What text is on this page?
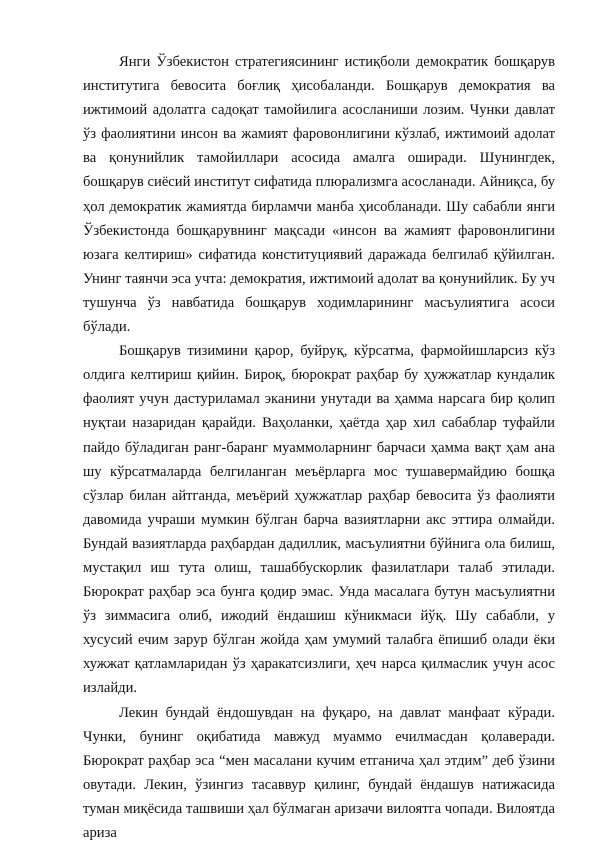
Янги Ўзбекистон стратегиясининг истиқболи демократик бошқарув институтига бевосита боғлиқ ҳисобаланди. Бошқарув демократия ва ижтимоий адолатга садоқат тамойилига асосланиши лозим. Чунки давлат ўз фаолиятини инсон ва жамият фаровонлигини кўзлаб, ижтимоий адолат ва қонунийлик тамойиллари асосида амалга оширади. Шунингдек, бошқарув сиёсий институт сифатида плюрализмга асосланади. Айниқса, бу ҳол демократик жамиятда бирламчи манба ҳисобланади. Шу сабабли янги Ўзбекистонда бошқарувнинг мақсади «инсон ва жамият фаровонлигини юзага келтириш» сифатида конституциявий даражада белгилаб қўйилган. Унинг таянчи эса учта: демократия, ижтимоий адолат ва қонунийлик. Бу уч тушунча ўз навбатида бошқарув ходимларининг масъулиятига асоси бўлади.

Бошқарув тизимини қарор, буйруқ, кўрсатма, фармойишларсиз кўз олдига келтириш қийин. Бироқ, бюрократ раҳбар бу ҳужжатлар кундалик фаолият учун дастуриламал эканини унутади ва ҳамма нарсага бир қолип нуқтаи назаридан қарайди. Ваҳоланки, ҳаётда ҳар хил сабаблар туфайли пайдо бўладиган ранг-баранг муаммоларнинг барчаси ҳамма вақт ҳам ана шу кўрсатмаларда белгиланган меъёрларга мос тушавермайдию бошқа сўзлар билан айтганда, меъёрий ҳужжатлар раҳбар бевосита ўз фаолияти давомида учраши мумкин бўлган барча вазиятларни акс эттира олмайди. Бундай вазиятларда раҳбардан дадиллик, масъулиятни бўйнига ола билиш, мустақил иш тута олиш, ташаббускорлик фазилатлари талаб этилади. Бюрократ раҳбар эса бунга қодир эмас. Унда масалага бутун масъулиятни ўз зиммасига олиб, ижодий ёндашиш кўникмаси йўқ. Шу сабабли, у хусусий ечим зарур бўлган жойда ҳам умумий талабга ёпишиб олади ёки хужжат қатламларидан ўз ҳаракатсизлиги, ҳеч нарса қилмаслик учун асос излайди.

Лекин бундай ёндошувдан на фуқаро, на давлат манфаат кўради. Чунки, бунинг оқибатида мавжуд муаммо ечилмасдан қолаверади. Бюрократ раҳбар эса “мен масалани кучим етганича ҳал этдим” деб ўзини овутади. Лекин, ўзингиз тасаввур қилинг, бундай ёндашув натижасида туман миқёсида ташвиши ҳал бўлмаган аризачи вилоятга чопади. Вилоятда ариза
